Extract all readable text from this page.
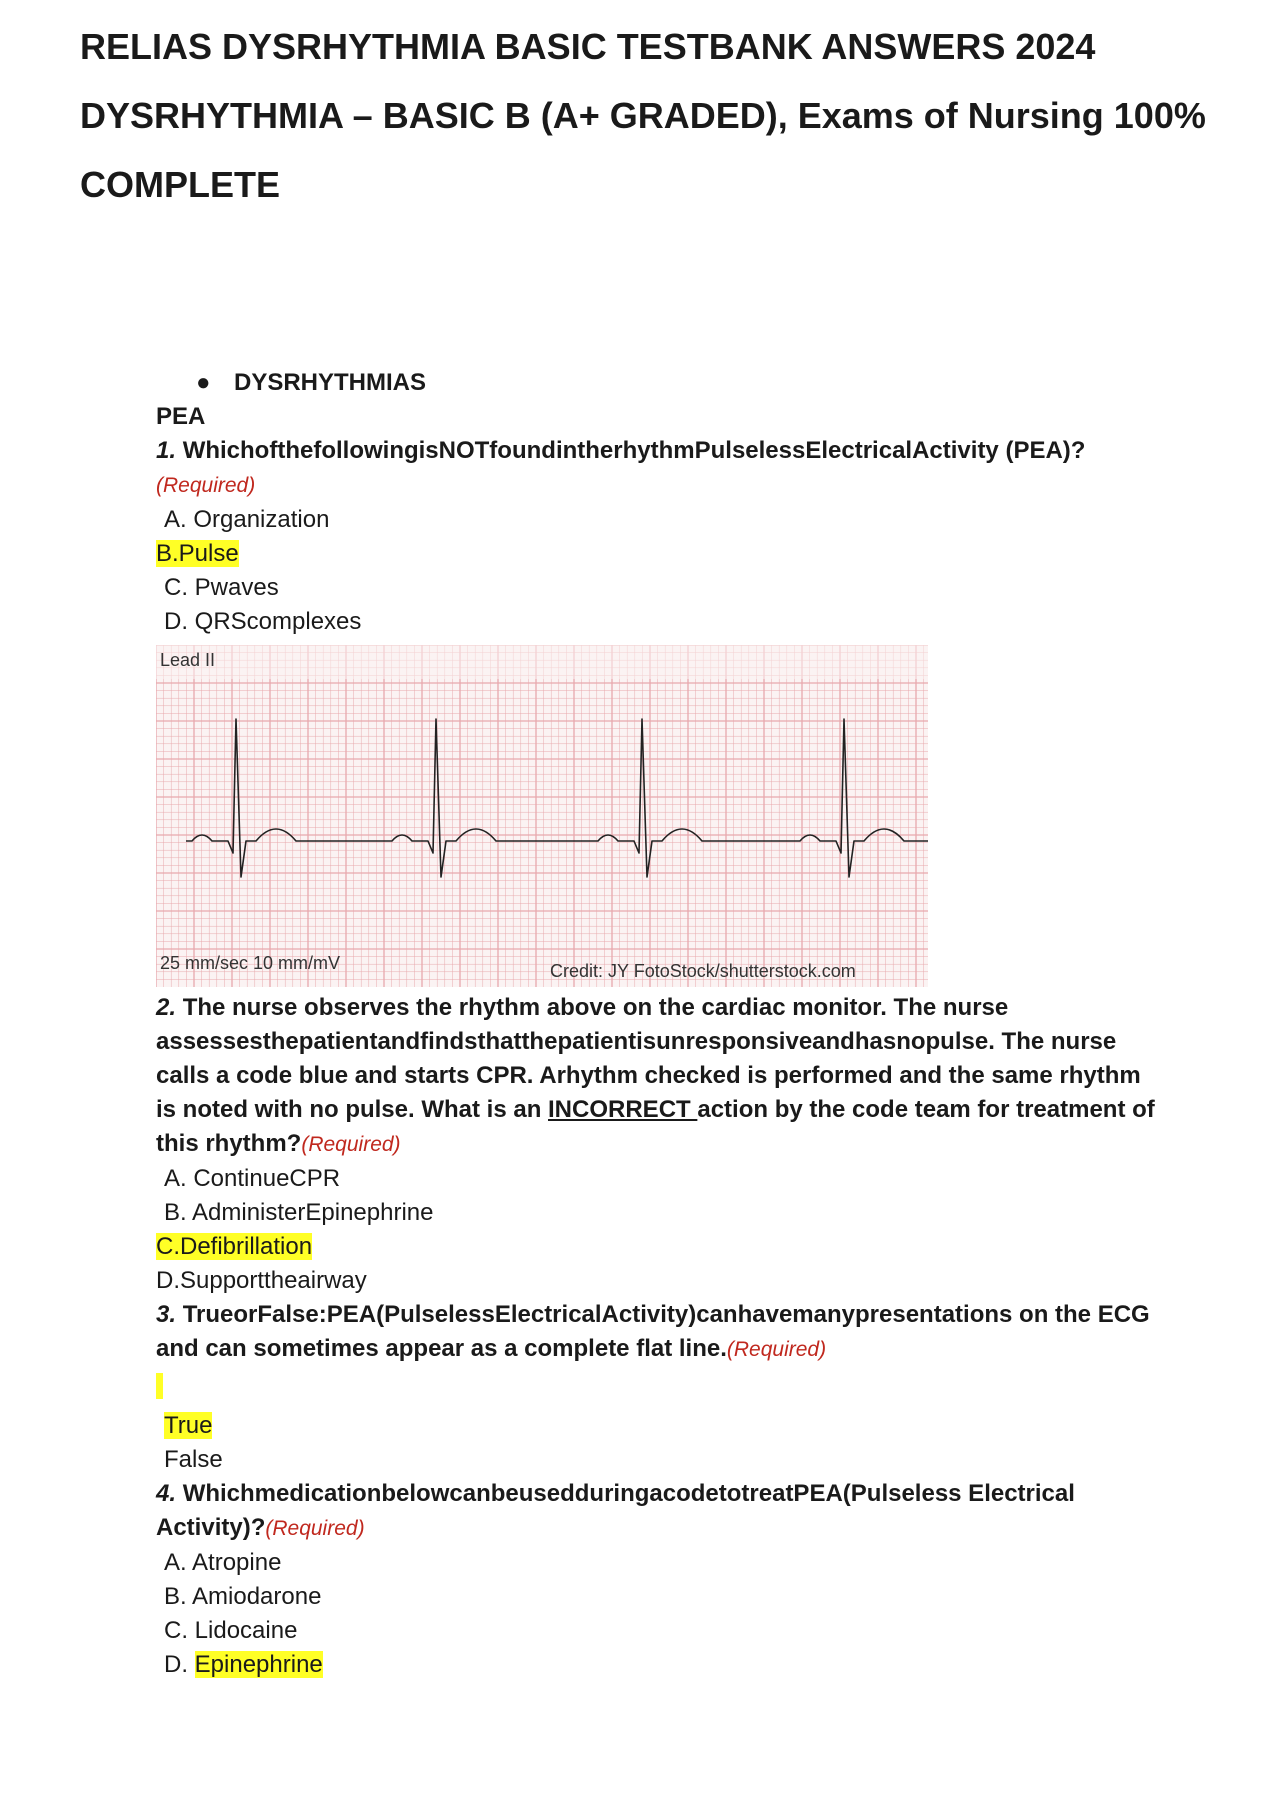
RELIAS DYSRHYTHMIA BASIC TESTBANK ANSWERS 2024 DYSRHYTHMIA – BASIC B (A+ GRADED), Exams of Nursing 100% COMPLETE
● DYSRHYTHMIAS
PEA
1. WhichofthefollowingisNOTfoundintherhythmPulselessElectricalActivity (PEA)?(Required)
A. Organization
B.Pulse
C. Pwaves
D. QRScomplexes
Lead II
25 mm/sec 10 mm/mV	Credit: JY FotoStock/shutterstock.com
2. The nurse observes the rhythm above on the cardiac monitor. The nurse assessesthepatientandfindsthatthepatientisunresponsiveandhasnopulse. The nurse calls a code blue and starts CPR. Arhythm checked is performed and the same rhythm is noted with no pulse. What is an INCORRECT action by the code team for treatment of this rhythm?(Required)
A. ContinueCPR
B. AdministerEpinephrine
C.Defibrillation
D.Supportthеairway
3. TrueorFalse:PEA(PulselessElectricalActivity)canhavemanypresentations on the ECG and can sometimes appear as a complete flat line.(Required)
True
False
4. WhichmedicationbelowcanbeusedduringacodetotreatPEA(Pulseless Electrical Activity)?(Required)
A. Atropine
B. Amiodarone
C. Lidocaine
D. Epinephrine
